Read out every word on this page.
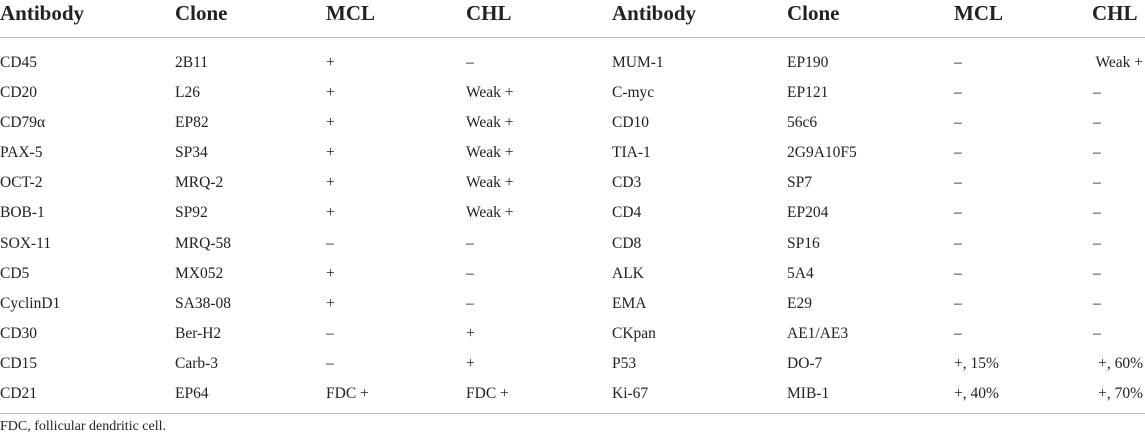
Antibody	Clone	MCL	CHL	Antibody	Clone	MCL	CHL
CD45	2B11	+	–	MUM-1	EP190	–	Weak +
CD20	L26	+	Weak +	C-myc	EP121	–	–
CD79α	EP82	+	Weak +	CD10	56c6	–	–
PAX-5	SP34	+	Weak +	TIA-1	2G9A10F5	–	–
OCT-2	MRQ-2	+	Weak +	CD3	SP7	–	–
BOB-1	SP92	+	Weak +	CD4	EP204	–	–
SOX-11	MRQ-58	–	–	CD8	SP16	–	–
CD5	MX052	+	–	ALK	5A4	–	–
CyclinD1	SA38-08	+	–	EMA	E29	–	–
CD30	Ber-H2	–	+	CKpan	AE1/AE3	–	–
CD15	Carb-3	–	+	P53	DO-7	+, 15%	+, 60%
CD21	EP64	FDC +	FDC +	Ki-67	MIB-1	+, 40%	+, 70%
FDC, follicular dendritic cell.
